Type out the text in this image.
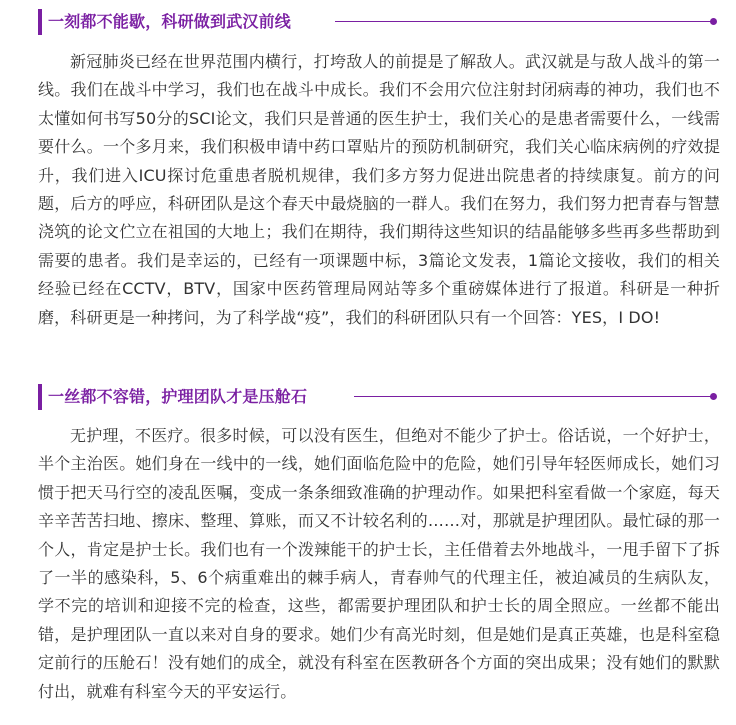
一刻都不能歇，科研做到武汉前线
新冠肺炎已经在世界范围内横行，打垮敌人的前提是了解敌人。武汉就是与敌人战斗的第一线。我们在战斗中学习，我们也在战斗中成长。我们不会用穴位注射封闭病毒的神功，我们也不太懂如何书写50分的SCI论文，我们只是普通的医生护士，我们关心的是患者需要什么，一线需要什么。一个多月来，我们积极申请中药口罩贴片的预防机制研究，我们关心临床病例的疗效提升，我们进入ICU探讨危重患者脱机规律，我们多方努力促进出院患者的持续康复。前方的问题，后方的呼应，科研团队是这个春天中最烧脑的一群人。我们在努力，我们努力把青春与智慧浇筑的论文伫立在祖国的大地上；我们在期待，我们期待这些知识的结晶能够多些再多些帮助到需要的患者。我们是幸运的，已经有一项课题中标，3篇论文发表，1篇论文接收，我们的相关经验已经在CCTV，BTV，国家中医药管理局网站等多个重磅媒体进行了报道。科研是一种折磨，科研更是一种拷问，为了科学战“疫”，我们的科研团队只有一个回答：YES，I DO!
一丝都不容错，护理团队才是压舱石
无护理，不医疗。很多时候，可以没有医生，但绝对不能少了护士。俗话说，一个好护士，半个主治医。她们身在一线中的一线，她们面临危险中的危险，她们引导年轻医师成长，她们习惯于把天马行空的凌乱医嘱，变成一条条细致准确的护理动作。如果把科室看做一个家庭，每天辛辛苦苦扫地、擦床、整理、算账，而又不计较名利的……对，那就是护理团队。最忙碌的那一个人，肯定是护士长。我们也有一个泼辣能干的护士长，主任借着去外地战斗，一甩手留下了拆了一半的感染科，5、6个病重难出的棘手病人，青春帅气的代理主任，被迫减员的生病队友，学不完的培训和迎接不完的检查，这些，都需要护理团队和护士长的周全照应。一丝都不能出错，是护理团队一直以来对自身的要求。她们少有高光时刻，但是她们是真正英雄，也是科室稳定前行的压舱石！没有她们的成全，就没有科室在医教研各个方面的突出成果；没有她们的默默付出，就难有科室今天的平安运行。
